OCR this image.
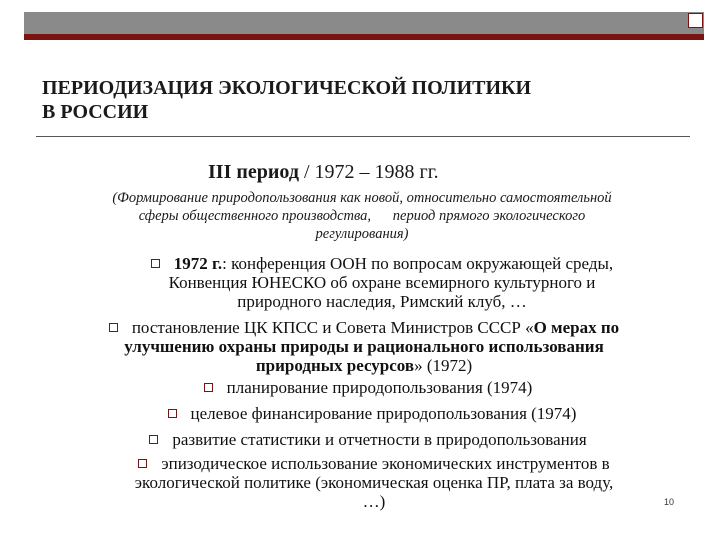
ПЕРИОДИЗАЦИЯ ЭКОЛОГИЧЕСКОЙ ПОЛИТИКИ
В РОССИИ
III период / 1972 – 1988 гг.
(Формирование природопользования как новой, относительно самостоятельной
сферы общественного производства,      период прямого экологического
регулирования)
1972 г.: конференция ООН по вопросам окружающей среды,
Конвенция ЮНЕСКО об охране всемирного культурного и
природного наследия, Римский клуб, …
постановление ЦК КПСС и Совета Министров СССР «О мерах по
улучшению охраны природы и рационального использования
природных ресурсов» (1972)
планирование природопользования (1974)
целевое финансирование природопользования (1974)
развитие статистики и отчетности в природопользования
эпизодическое использование экономических инструментов в
экологической политике (экономическая оценка ПР, плата за воду,
…)	10
